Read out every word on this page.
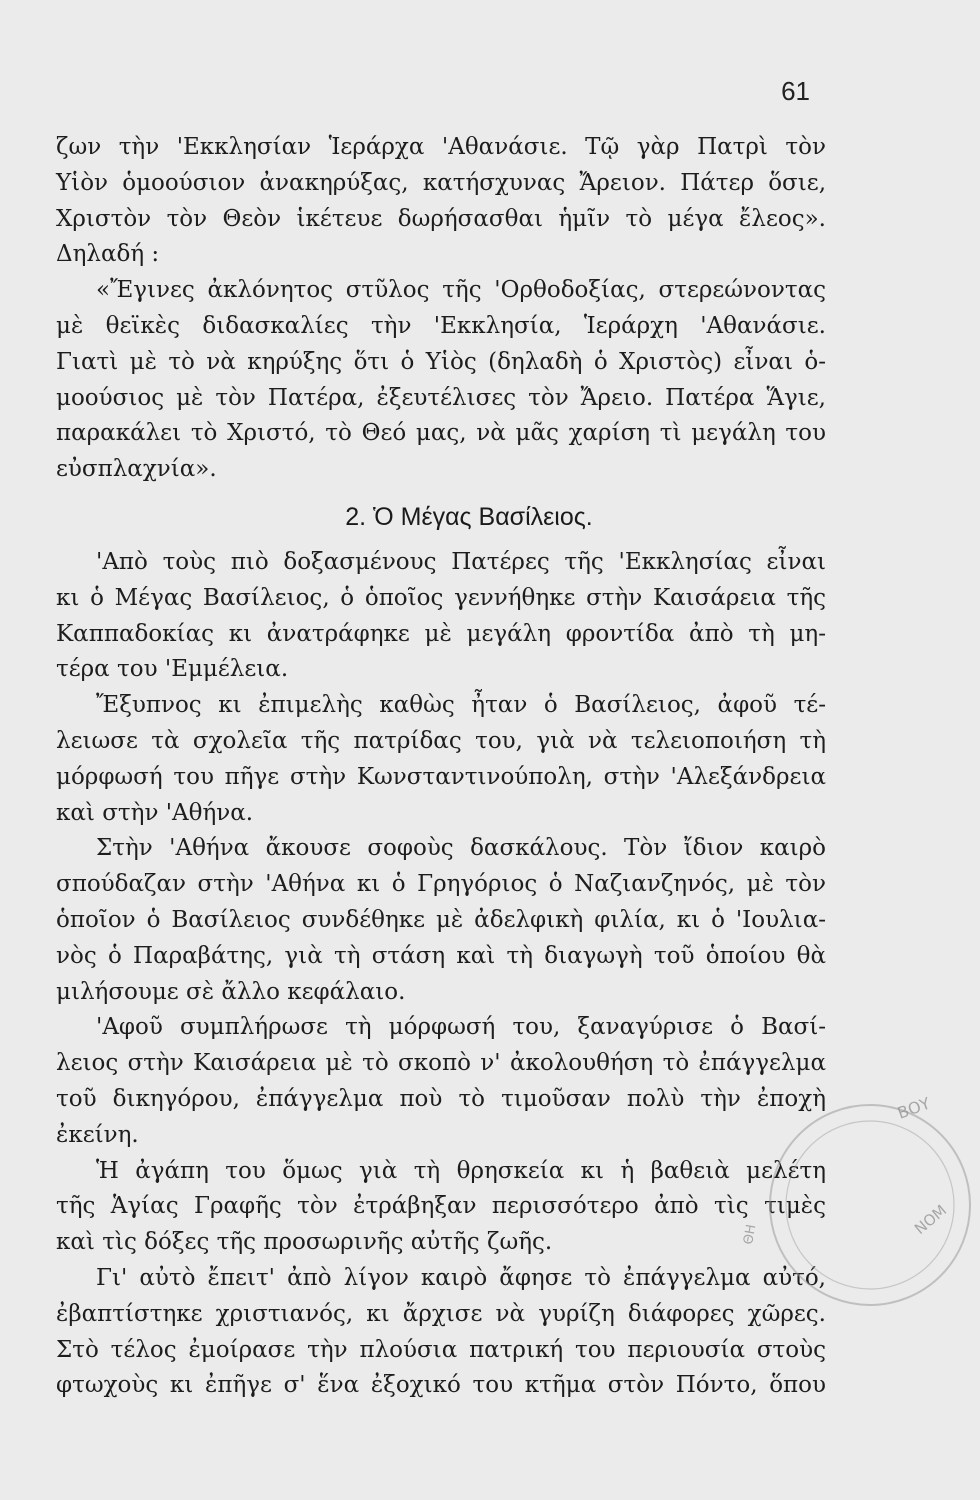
61
ζων τὴν 'Εκκλησίαν Ἱεράρχα 'Αθανάσιε. Τῷ γὰρ Πατρὶ τὸν
Υἱὸν ὁμοούσιον ἀνακηρύξας, κατήσχυνας Ἄρειον. Πάτερ ὅσιε,
Χριστὸν τὸν Θεὸν ἱκέτευε δωρήσασθαι ἡμῖν τὸ μέγα ἔλεος».
Δηλαδή :
«Ἔγινες ἀκλόνητος στῦλος τῆς 'Ορθοδοξίας, στερεώνοντας
μὲ θεϊκὲς διδασκαλίες τὴν 'Εκκλησία, Ἱεράρχη 'Αθανάσιε.
Γιατὶ μὲ τὸ νὰ κηρύξης ὅτι ὁ Υἱὸς (δηλαδὴ ὁ Χριστὸς) εἶναι ὁ-
μοούσιος μὲ τὸν Πατέρα, ἐξευτέλισες τὸν Ἄρειο. Πατέρα Ἅγιε,
παρακάλει τὸ Χριστό, τὸ Θεό μας, νὰ μᾶς χαρίση τὶ μεγάλη του
εὐσπλαχνία».
2. Ὁ Μέγας Βασίλειος.
'Απὸ τοὺς πιὸ δοξασμένους Πατέρες τῆς 'Εκκλησίας εἶναι
κι ὁ Μέγας Βασίλειος, ὁ ὁποῖος γεννήθηκε στὴν Καισάρεια τῆς
Καππαδοκίας κι ἀνατράφηκε μὲ μεγάλη φροντίδα ἀπὸ τὴ μη-
τέρα του 'Εμμέλεια.
Ἔξυπνος κι ἐπιμελὴς καθὼς ἦταν ὁ Βασίλειος, ἀφοῦ τέ-
λειωσε τὰ σχολεῖα τῆς πατρίδας του, γιὰ νὰ τελειοποιήση τὴ
μόρφωσή του πῆγε στὴν Κωνσταντινούπολη, στὴν 'Αλεξάνδρεια
καὶ στὴν 'Αθήνα.
Στὴν 'Αθήνα ἄκουσε σοφοὺς δασκάλους. Τὸν ἴδιον καιρὸ
σπούδαζαν στὴν 'Αθήνα κι ὁ Γρηγόριος ὁ Ναζιανζηνός, μὲ τὸν
ὁποῖον ὁ Βασίλειος συνδέθηκε μὲ ἀδελφικὴ φιλία, κι ὁ 'Ιουλια-
νὸς ὁ Παραβάτης, γιὰ τὴ στάση καὶ τὴ διαγωγὴ τοῦ ὁποίου θὰ
μιλήσουμε σὲ ἄλλο κεφάλαιο.
'Αφοῦ συμπλήρωσε τὴ μόρφωσή του, ξαναγύρισε ὁ Βασί-
λειος στὴν Καισάρεια μὲ τὸ σκοπὸ ν' ἀκολουθήση τὸ ἐπάγγελμα
τοῦ δικηγόρου, ἐπάγγελμα ποὺ τὸ τιμοῦσαν πολὺ τὴν ἐποχὴ
ἐκείνη.
Ἡ ἀγάπη του ὅμως γιὰ τὴ θρησκεία κι ἡ βαθειὰ μελέτη
τῆς Ἁγίας Γραφῆς τὸν ἐτράβηξαν περισσότερο ἀπὸ τὶς τιμὲς
καὶ τὶς δόξες τῆς προσωρινῆς αὐτῆς ζωῆς.
Γι' αὐτὸ ἔπειτ' ἀπὸ λίγον καιρὸ ἄφησε τὸ ἐπάγγελμα αὐτό,
ἐβαπτίστηκε χριστιανός, κι ἄρχισε νὰ γυρίζη διάφορες χῶρες.
Στὸ τέλος ἐμοίρασε τὴν πλούσια πατρική του περιουσία στοὺς
φτωχοὺς κι ἐπῆγε σ' ἕνα ἐξοχικό του κτῆμα στὸν Πόντο, ὅπου
ΒΟΥ
ΝΟΜ
ΘΗ
